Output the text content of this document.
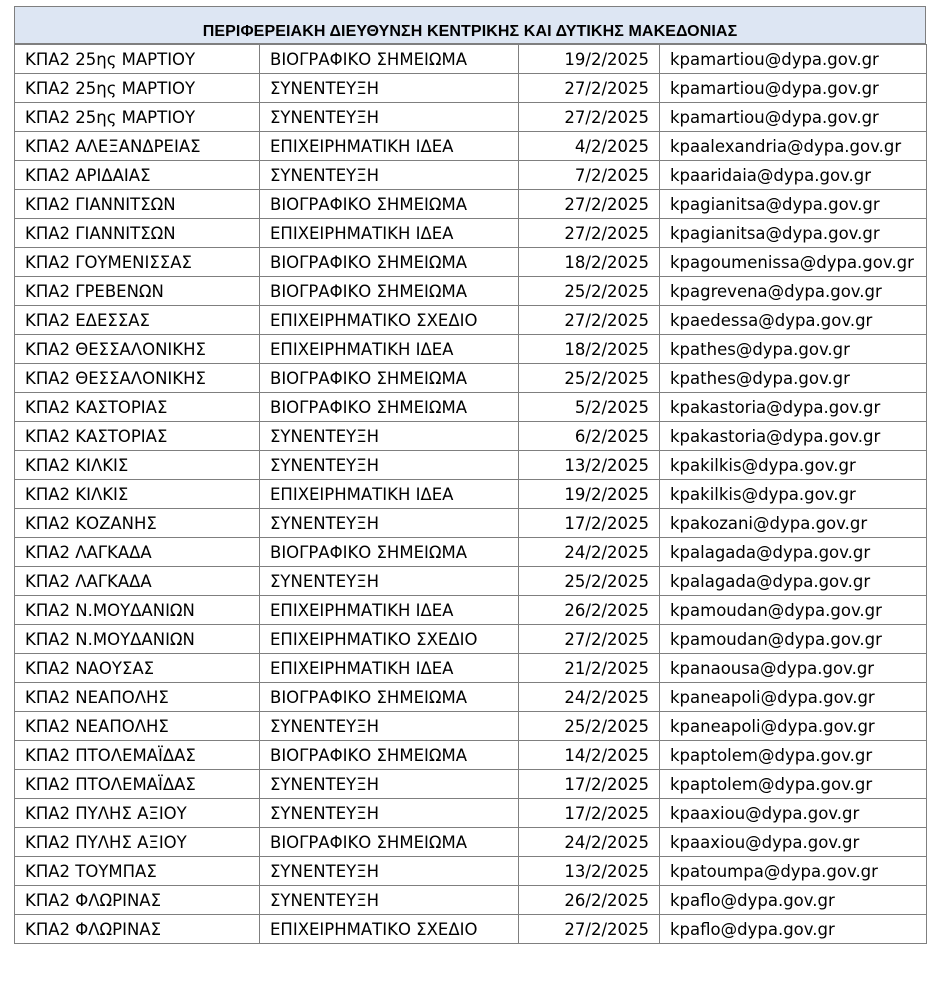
ΠΕΡΙΦΕΡΕΙΑΚΗ ΔΙΕΥΘΥΝΣΗ ΚΕΝΤΡΙΚΗΣ ΚΑΙ ΔΥΤΙΚΗΣ ΜΑΚΕΔΟΝΙΑΣ
ΚΠΑ2 25ης ΜΑΡΤΙΟΥ	ΒΙΟΓΡΑΦΙΚΟ ΣΗΜΕΙΩΜΑ	19/2/2025	kpamartiou@dypa.gov.gr
ΚΠΑ2 25ης ΜΑΡΤΙΟΥ	ΣΥΝΕΝΤΕΥΞΗ	27/2/2025	kpamartiou@dypa.gov.gr
ΚΠΑ2 25ης ΜΑΡΤΙΟΥ	ΣΥΝΕΝΤΕΥΞΗ	27/2/2025	kpamartiou@dypa.gov.gr
ΚΠΑ2 ΑΛΕΞΑΝΔΡΕΙΑΣ	ΕΠΙΧΕΙΡΗΜΑΤΙΚΗ ΙΔΕΑ	4/2/2025	kpaalexandria@dypa.gov.gr
ΚΠΑ2 ΑΡΙΔΑΙΑΣ	ΣΥΝΕΝΤΕΥΞΗ	7/2/2025	kpaaridaia@dypa.gov.gr
ΚΠΑ2 ΓΙΑΝΝΙΤΣΩΝ	ΒΙΟΓΡΑΦΙΚΟ ΣΗΜΕΙΩΜΑ	27/2/2025	kpagianitsa@dypa.gov.gr
ΚΠΑ2 ΓΙΑΝΝΙΤΣΩΝ	ΕΠΙΧΕΙΡΗΜΑΤΙΚΗ ΙΔΕΑ	27/2/2025	kpagianitsa@dypa.gov.gr
ΚΠΑ2 ΓΟΥΜΕΝΙΣΣΑΣ	ΒΙΟΓΡΑΦΙΚΟ ΣΗΜΕΙΩΜΑ	18/2/2025	kpagoumenissa@dypa.gov.gr
ΚΠΑ2 ΓΡΕΒΕΝΩΝ	ΒΙΟΓΡΑΦΙΚΟ ΣΗΜΕΙΩΜΑ	25/2/2025	kpagrevena@dypa.gov.gr
ΚΠΑ2 ΕΔΕΣΣΑΣ	ΕΠΙΧΕΙΡΗΜΑΤΙΚΟ ΣΧΕΔΙΟ	27/2/2025	kpaedessa@dypa.gov.gr
ΚΠΑ2 ΘΕΣΣΑΛΟΝΙΚΗΣ	ΕΠΙΧΕΙΡΗΜΑΤΙΚΗ ΙΔΕΑ	18/2/2025	kpathes@dypa.gov.gr
ΚΠΑ2 ΘΕΣΣΑΛΟΝΙΚΗΣ	ΒΙΟΓΡΑΦΙΚΟ ΣΗΜΕΙΩΜΑ	25/2/2025	kpathes@dypa.gov.gr
ΚΠΑ2 ΚΑΣΤΟΡΙΑΣ	ΒΙΟΓΡΑΦΙΚΟ ΣΗΜΕΙΩΜΑ	5/2/2025	kpakastoria@dypa.gov.gr
ΚΠΑ2 ΚΑΣΤΟΡΙΑΣ	ΣΥΝΕΝΤΕΥΞΗ	6/2/2025	kpakastoria@dypa.gov.gr
ΚΠΑ2 ΚΙΛΚΙΣ	ΣΥΝΕΝΤΕΥΞΗ	13/2/2025	kpakilkis@dypa.gov.gr
ΚΠΑ2 ΚΙΛΚΙΣ	ΕΠΙΧΕΙΡΗΜΑΤΙΚΗ ΙΔΕΑ	19/2/2025	kpakilkis@dypa.gov.gr
ΚΠΑ2 ΚΟΖΑΝΗΣ	ΣΥΝΕΝΤΕΥΞΗ	17/2/2025	kpakozani@dypa.gov.gr
ΚΠΑ2 ΛΑΓΚΑΔΑ	ΒΙΟΓΡΑΦΙΚΟ ΣΗΜΕΙΩΜΑ	24/2/2025	kpalagada@dypa.gov.gr
ΚΠΑ2 ΛΑΓΚΑΔΑ	ΣΥΝΕΝΤΕΥΞΗ	25/2/2025	kpalagada@dypa.gov.gr
ΚΠΑ2 Ν.ΜΟΥΔΑΝΙΩΝ	ΕΠΙΧΕΙΡΗΜΑΤΙΚΗ ΙΔΕΑ	26/2/2025	kpamoudan@dypa.gov.gr
ΚΠΑ2 Ν.ΜΟΥΔΑΝΙΩΝ	ΕΠΙΧΕΙΡΗΜΑΤΙΚΟ ΣΧΕΔΙΟ	27/2/2025	kpamoudan@dypa.gov.gr
ΚΠΑ2 ΝΑΟΥΣΑΣ	ΕΠΙΧΕΙΡΗΜΑΤΙΚΗ ΙΔΕΑ	21/2/2025	kpanaousa@dypa.gov.gr
ΚΠΑ2 ΝΕΑΠΟΛΗΣ	ΒΙΟΓΡΑΦΙΚΟ ΣΗΜΕΙΩΜΑ	24/2/2025	kpaneapoli@dypa.gov.gr
ΚΠΑ2 ΝΕΑΠΟΛΗΣ	ΣΥΝΕΝΤΕΥΞΗ	25/2/2025	kpaneapoli@dypa.gov.gr
ΚΠΑ2 ΠΤΟΛΕΜΑΪΔΑΣ	ΒΙΟΓΡΑΦΙΚΟ ΣΗΜΕΙΩΜΑ	14/2/2025	kpaptolem@dypa.gov.gr
ΚΠΑ2 ΠΤΟΛΕΜΑΪΔΑΣ	ΣΥΝΕΝΤΕΥΞΗ	17/2/2025	kpaptolem@dypa.gov.gr
ΚΠΑ2 ΠΥΛΗΣ ΑΞΙΟΥ	ΣΥΝΕΝΤΕΥΞΗ	17/2/2025	kpaaxiou@dypa.gov.gr
ΚΠΑ2 ΠΥΛΗΣ ΑΞΙΟΥ	ΒΙΟΓΡΑΦΙΚΟ ΣΗΜΕΙΩΜΑ	24/2/2025	kpaaxiou@dypa.gov.gr
ΚΠΑ2 ΤΟΥΜΠΑΣ	ΣΥΝΕΝΤΕΥΞΗ	13/2/2025	kpatoumpa@dypa.gov.gr
ΚΠΑ2 ΦΛΩΡΙΝΑΣ	ΣΥΝΕΝΤΕΥΞΗ	26/2/2025	kpaflo@dypa.gov.gr
ΚΠΑ2 ΦΛΩΡΙΝΑΣ	ΕΠΙΧΕΙΡΗΜΑΤΙΚΟ ΣΧΕΔΙΟ	27/2/2025	kpaflo@dypa.gov.gr
